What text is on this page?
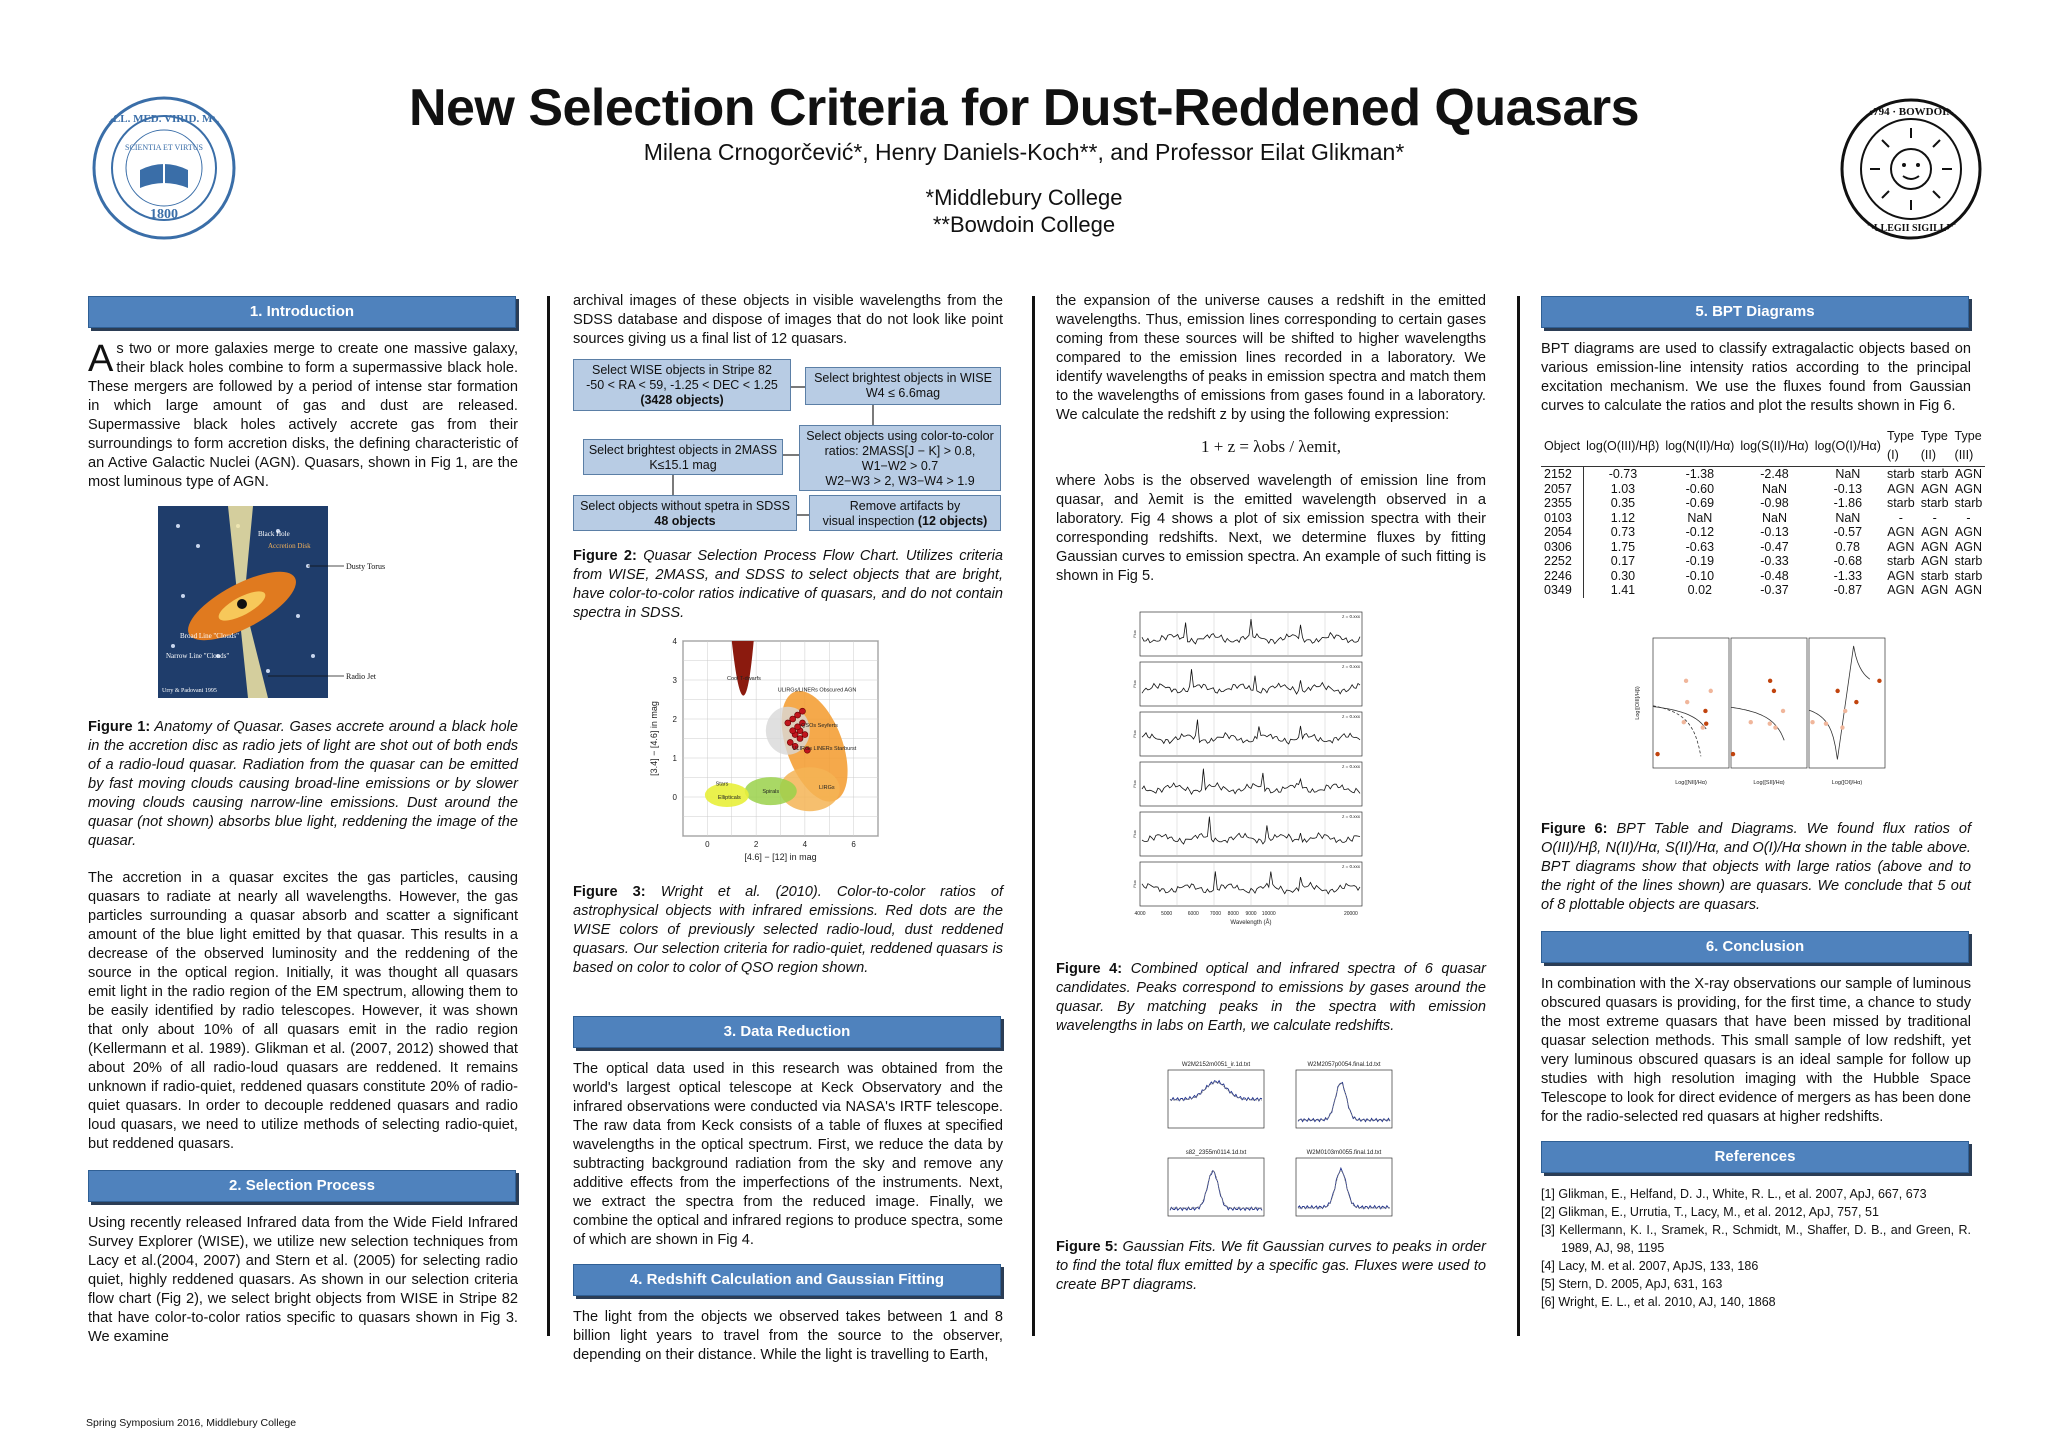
COLL. MED. VIRID. MON.
SCIENTIA ET VIRTUS
1800
1794 · BOWDOIN
COLLEGII SIGILLUM
New Selection Criteria for Dust-Reddened Quasars
Milena Crnogorčević*, Henry Daniels-Koch**, and Professor Eilat Glikman*
*Middlebury College
**Bowdoin College
1. Introduction

As two or more galaxies merge to create one massive galaxy, their black holes combine to form a supermassive black hole. These mergers are followed by a period of intense star formation in which large amount of gas and dust are released. Supermassive black holes actively accrete gas from their surroundings to form accretion disks, the defining characteristic of an Active Galactic Nuclei (AGN). Quasars, shown in Fig 1, are the most luminous type of AGN.

Black Hole
Accretion Disk
Broad Line "Clouds"
Narrow Line "Clouds"
Urry & Padovani 1995
Dusty Torus
Radio Jet

Figure 1: Anatomy of Quasar. Gases accrete around a black hole in the accretion disc as radio jets of light are shot out of both ends of a radio-loud quasar. Radiation from the quasar can be emitted by fast moving clouds causing broad-line emissions or by slower moving clouds causing narrow-line emissions. Dust around the quasar (not shown) absorbs blue light, reddening the image of the quasar.

The accretion in a quasar excites the gas particles, causing quasars to radiate at nearly all wavelengths. However, the gas particles surrounding a quasar absorb and scatter a significant amount of the blue light emitted by that quasar. This results in a decrease of the observed luminosity and the reddening of the source in the optical region. Initially, it was thought all quasars emit light in the radio region of the EM spectrum, allowing them to be easily identified by radio telescopes. However, it was shown that only about 10% of all quasars emit in the radio region (Kellermann et al. 1989). Glikman et al. (2007, 2012) showed that about 20% of all radio-loud quasars are reddened. It remains unknown if radio-quiet, reddened quasars constitute 20% of radio-quiet quasars. In order to decouple reddened quasars and radio loud quasars, we need to utilize methods of selecting radio-quiet, but reddened quasars.

2. Selection Process

Using recently released Infrared data from the Wide Field Infrared Survey Explorer (WISE), we utilize new selection techniques from Lacy et al.(2004, 2007) and Stern et al. (2005) for selecting radio quiet, highly reddened quasars. As shown in our selection criteria flow chart (Fig 2), we select bright objects from WISE in Stripe 82 that have color-to-color ratios specific to quasars shown in Fig 3. We examine

archival images of these objects in visible wavelengths from the SDSS database and dispose of images that do not look like point sources giving us a final list of 12 quasars.

Select WISE objects in Stripe 82
-50 < RA < 59, -1.25 < DEC < 1.25
(3428 objects)
Select brightest objects in WISE
W4 ≤ 6.6mag
Select objects using color-to-color
ratios: 2MASS[J − K] > 0.8,
W1−W2 > 0.7
W2−W3 > 2, W3−W4 > 1.9
Select brightest objects in 2MASS
K≤15.1 mag
Select objects without spetra in SDSS
48 objects
Remove artifacts by
visual inspection (12 objects)

Figure 2: Quasar Selection Process Flow Chart. Utilizes criteria from WISE, 2MASS, and SDSS to select objects that are bright, have color-to-color ratios indicative of quasars, and do not contain spectra in SDSS.

Cool T-dwarfs
ULIRGs/LINERs Obscured AGN
QSOs Seyferts
ULIRGs LINERs Starburst
LIRGs
Stars
Ellipticals
Spirals
0	2	4	6
0
1
2
3
4
[4.6] − [12] in mag
[3.4] − [4.6] in mag

Figure 3: Wright et al. (2010). Color-to-color ratios of astrophysical objects with infrared emissions. Red dots are the WISE colors of previously selected radio-loud, dust reddened quasars. Our selection criteria for radio-quiet, reddened quasars is based on color to color of QSO region shown.

3. Data Reduction

The optical data used in this research was obtained from the world's largest optical telescope at Keck Observatory and the infrared observations were conducted via NASA's IRTF telescope. The raw data from Keck consists of a table of fluxes at specified wavelengths in the optical spectrum. First, we reduce the data by subtracting background radiation from the sky and remove any additive effects from the imperfections of the instruments. Next, we extract the spectra from the reduced image. Finally, we combine the optical and infrared regions to produce spectra, some of which are shown in Fig 4.

4. Redshift Calculation and Gaussian Fitting

The light from the objects we observed takes between 1 and 8 billion light years to travel from the source to the observer, depending on their distance. While the light is travelling to Earth,

the expansion of the universe causes a redshift in the emitted wavelengths. Thus, emission lines corresponding to certain gases coming from these sources will be shifted to higher wavelengths compared to the emission lines recorded in a laboratory. We identify wavelengths of peaks in emission spectra and match them to the wavelengths of emissions from gases found in a laboratory. We calculate the redshift z by using the following expression:

1 + z = λobs / λemit,

where λobs is the observed wavelength of emission line from quasar, and λemit is the emitted wavelength observed in a laboratory. Fig 4 shows a plot of six emission spectra with their corresponding redshifts. Next, we determine fluxes by fitting Gaussian curves to emission spectra. An example of such fitting is shown in Fig 5.

z = 0.xxx
Flux
z = 0.xxx
Flux
z = 0.xxx
Flux
z = 0.xxx
Flux
z = 0.xxx
Flux
z = 0.xxx
Flux
4000	5000	6000 7000 8000 9000 10000	20000
Wavelength (Å)

Figure 4: Combined optical and infrared spectra of 6 quasar candidates. Peaks correspond to emissions by gases around the quasar. By matching peaks in the spectra with emission wavelengths in labs on Earth, we calculate redshifts.

W2M2152m0051_ir.1d.txt	W2M2057p0054.final.1d.txt
s82_2355m0114.1d.txt	W2M0103m0055.final.1d.txt

Figure 5: Gaussian Fits. We fit Gaussian curves to peaks in order to find the total flux emitted by a specific gas. Fluxes were used to create BPT diagrams.

5. BPT Diagrams

BPT diagrams are used to classify extragalactic objects based on various emission-line intensity ratios according to the principal excitation mechanism. We use the fluxes found from Gaussian curves to calculate the ratios and plot the results shown in Fig 6.

Object	log(O(III)/Hβ)	log(N(II)/Hα)	log(S(II)/Hα)	log(O(I)/Hα)	Type (I)	Type (II)	Type (III)
2152	-0.73	-1.38	-2.48	NaN	starb	starb	AGN
2057	1.03	-0.60	NaN	-0.13	AGN	AGN	AGN
2355	0.35	-0.69	-0.98	-1.86	starb	starb	starb
0103	1.12	NaN	NaN	NaN	-	-	-
2054	0.73	-0.12	-0.13	-0.57	AGN	AGN	AGN
0306	1.75	-0.63	-0.47	0.78	AGN	AGN	AGN
2252	0.17	-0.19	-0.33	-0.68	starb	AGN	starb
2246	0.30	-0.10	-0.48	-1.33	AGN	starb	starb
0349	1.41	0.02	-0.37	-0.87	AGN	AGN	AGN
Log([NII]/Hα)	Log([SII]/Hα)	Log([OI]/Hα)
Log([OIII]/Hβ)

Figure 6: BPT Table and Diagrams. We found flux ratios of O(III)/Hβ, N(II)/Hα, S(II)/Hα, and O(I)/Hα shown in the table above. BPT diagrams show that objects with large ratios (above and to the right of the lines shown) are quasars. We conclude that 5 out of 8 plottable objects are quasars.

6. Conclusion

In combination with the X-ray observations our sample of luminous obscured quasars is providing, for the first time, a chance to study the most extreme quasars that have been missed by traditional quasar selection methods. This small sample of low redshift, yet very luminous obscured quasars is an ideal sample for follow up studies with high resolution imaging with the Hubble Space Telescope to look for direct evidence of mergers as has been done for the radio-selected red quasars at higher redshifts.

References
[1] Glikman, E., Helfand, D. J., White, R. L., et al. 2007, ApJ, 667, 673
[2] Glikman, E., Urrutia, T., Lacy, M., et al. 2012, ApJ, 757, 51
[3] Kellermann, K. I., Sramek, R., Schmidt, M., Shaffer, D. B., and Green, R. 1989, AJ, 98, 1195
[4] Lacy, M. et al. 2007, ApJS, 133, 186
[5] Stern, D. 2005, ApJ, 631, 163
[6] Wright, E. L., et al. 2010, AJ, 140, 1868
Spring Symposium 2016, Middlebury College
